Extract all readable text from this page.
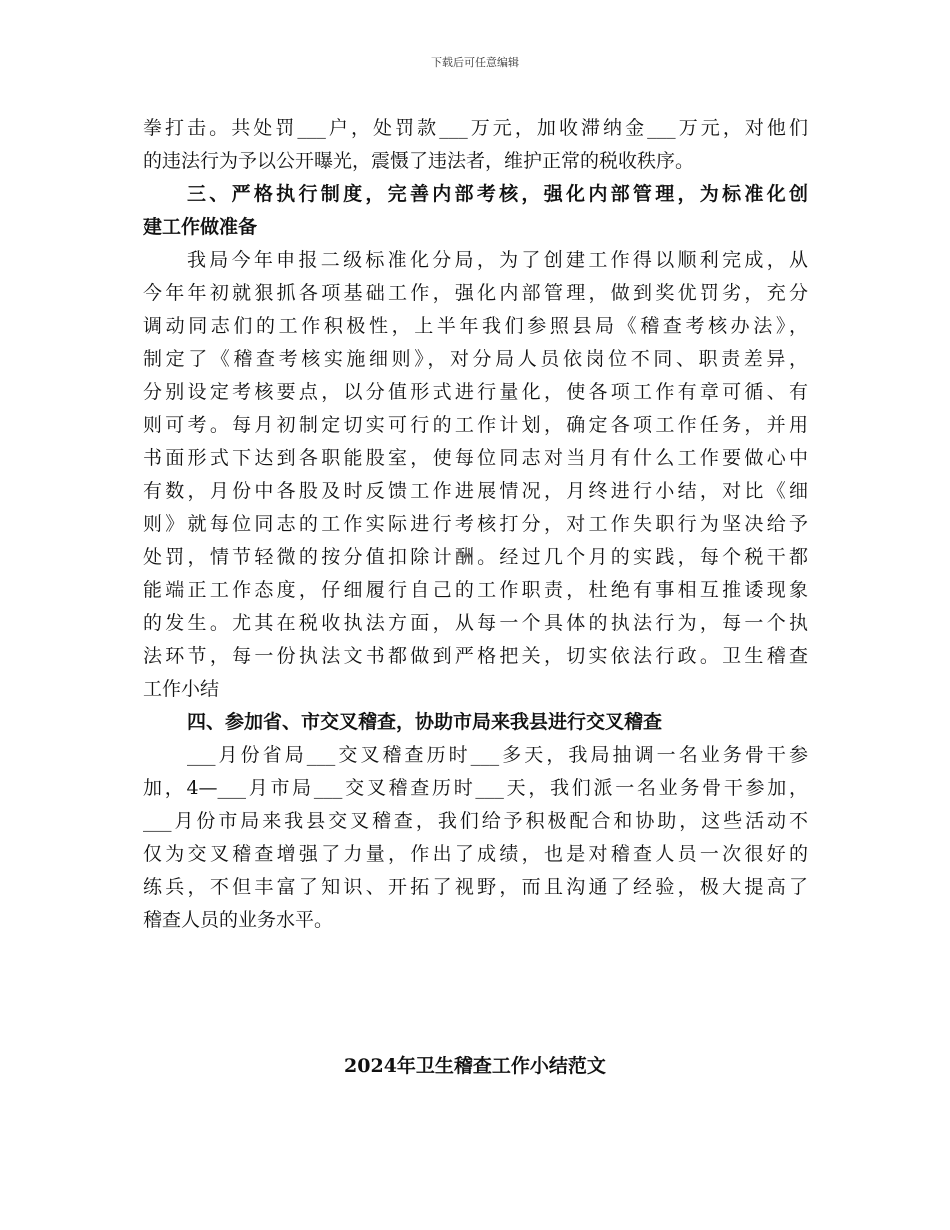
下载后可任意编辑
拳打击。共处罚___户，处罚款___万元，加收滞纳金___万元，对他们
的违法行为予以公开曝光，震慑了违法者，维护正常的税收秩序。
三、严格执行制度，完善内部考核，强化内部管理，为标准化创
建工作做准备
我局今年申报二级标准化分局，为了创建工作得以顺利完成，从
今年年初就狠抓各项基础工作，强化内部管理，做到奖优罚劣，充分
调动同志们的工作积极性，上半年我们参照县局《稽查考核办法》，
制定了《稽查考核实施细则》，对分局人员依岗位不同、职责差异，
分别设定考核要点，以分值形式进行量化，使各项工作有章可循、有
则可考。每月初制定切实可行的工作计划，确定各项工作任务，并用
书面形式下达到各职能股室，使每位同志对当月有什么工作要做心中
有数，月份中各股及时反馈工作进展情况，月终进行小结，对比《细
则》就每位同志的工作实际进行考核打分，对工作失职行为坚决给予
处罚，情节轻微的按分值扣除计酬。经过几个月的实践，每个税干都
能端正工作态度，仔细履行自己的工作职责，杜绝有事相互推诿现象
的发生。尤其在税收执法方面，从每一个具体的执法行为，每一个执
法环节，每一份执法文书都做到严格把关，切实依法行政。卫生稽查
工作小结
四、参加省、市交叉稽查，协助市局来我县进行交叉稽查
___月份省局___交叉稽查历时___多天，我局抽调一名业务骨干参
加，4—___月市局___交叉稽查历时___天，我们派一名业务骨干参加，
___月份市局来我县交叉稽查，我们给予积极配合和协助，这些活动不
仅为交叉稽查增强了力量，作出了成绩，也是对稽查人员一次很好的
练兵，不但丰富了知识、开拓了视野，而且沟通了经验，极大提高了
稽查人员的业务水平。
2024年卫生稽查工作小结范文
